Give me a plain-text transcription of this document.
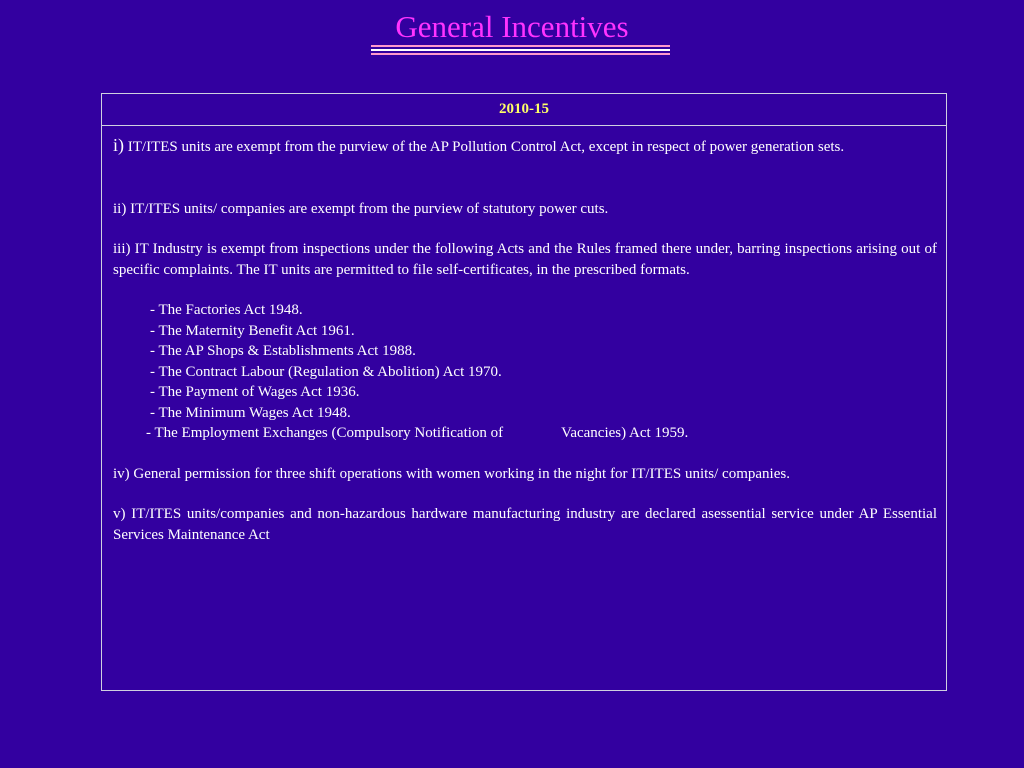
General Incentives
2010-15

i) IT/ITES units are exempt from the purview of the AP Pollution Control Act, except in respect of power generation sets.

ii) IT/ITES units/ companies are exempt from the purview of statutory power cuts.

iii) IT Industry is exempt from inspections under the following Acts and the Rules framed there under, barring inspections arising out of specific complaints. The IT units are permitted to file self-certificates, in the prescribed formats.

- The Factories Act 1948.
- The Maternity Benefit Act 1961.
- The AP Shops & Establishments Act 1988.
- The Contract Labour (Regulation & Abolition) Act 1970.
- The Payment of Wages Act 1936.
- The Minimum Wages Act 1948.
- The Employment Exchanges (Compulsory Notification of	Vacancies) Act 1959.

iv) General permission for three shift operations with women working in the night for IT/ITES units/ companies.

v) IT/ITES units/companies and non-hazardous hardware manufacturing industry are declared asessential service under AP Essential Services Maintenance Act
